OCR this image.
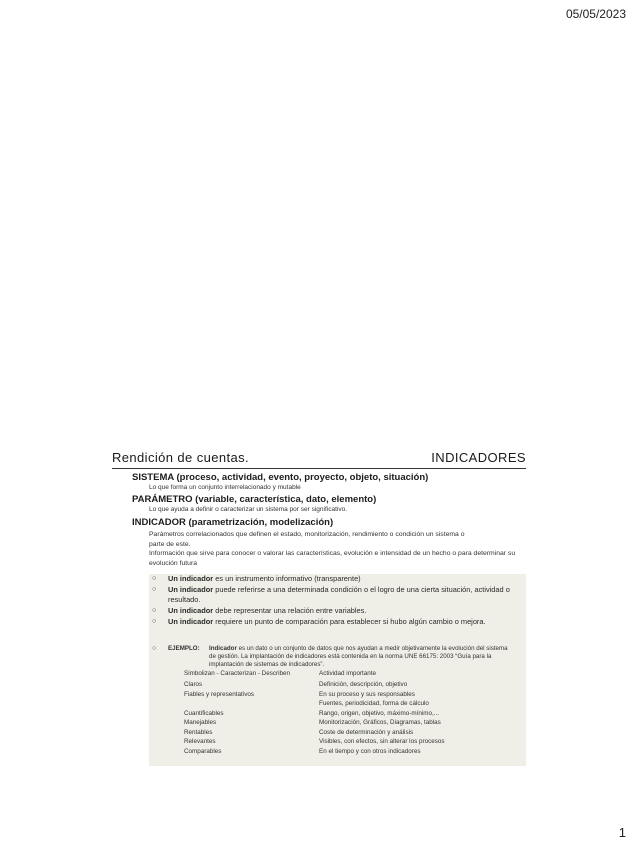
05/05/2023
Rendición de cuentas.	INDICADORES
SISTEMA (proceso, actividad, evento, proyecto, objeto, situación)
Lo que forma un conjunto interrelacionado y mutable
PARÁMETRO (variable, característica, dato, elemento)
Lo que ayuda a definir o caracterizar un sistema por ser significativo.
INDICADOR (parametrización, modelización)
Parámetros correlacionados que definen el estado, monitorización, rendimiento o condición un sistema o parte de este.
Información que sirve para conocer o valorar las características, evolución e intensidad de un hecho o para determinar su evolución futura
○ Un indicador es un instrumento informativo (transparente)
○ Un indicador puede referirse a una determinada condición o el logro de una cierta situación, actividad o resultado.
○ Un indicador debe representar una relación entre variables.
○ Un indicador requiere un punto de comparación para establecer si hubo algún cambio o mejora.
○ EJEMPLO: Indicador es un dato o un conjunto de datos que nos ayudan a medir objetivamente la evolución del sistema de gestión. La implantación de indicadores está contenida en la norma UNE 66175: 2003 “Guía para la implantación de sistemas de indicadores”.
Simbolizan - Caracterizan - Describen	Actividad importante
Claros	Definición, descripción, objetivo
Fiables y representativos	En su proceso y sus responsables
Fuentes, periodicidad, forma de cálculo
Cuantificables	Rango, origen, objetivo, máximo-mínimo,...
Manejables	Monitorización, Gráficos, Diagramas, tablas
Rentables	Coste de determinación y análisis
Relevantes	Visibles, con efectos, sin alterar los procesos
Comparables	En el tiempo y con otros indicadores
1
